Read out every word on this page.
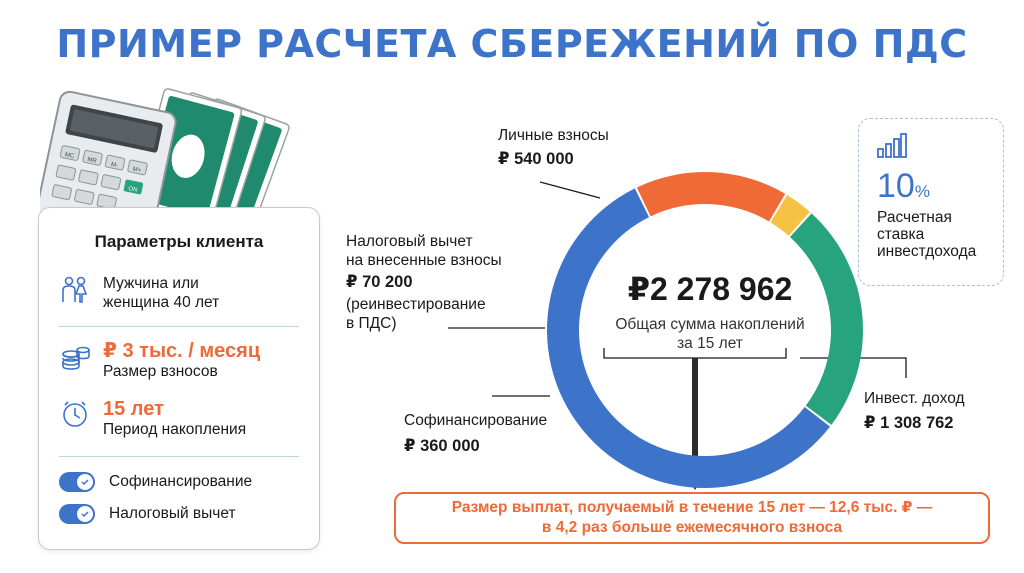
ПРИМЕР РАСЧЕТА СБЕРЕЖЕНИЙ ПО ПДС
MC
MR
M-
M+
ON
Параметры клиента
Мужчина или
женщина 40 лет
₽ 3 тыс. / месяц
Размер взносов
15 лет
Период накопления
Софинансирование
Налоговый вычет
₽2 278 962
Общая сумма накоплений
за 15 лет
Личные взносы
₽ 540 000
Налоговый вычет
на внесенные взносы
₽ 70 200
(реинвестирование
в ПДС)
Софинансирование
₽ 360 000
Инвест. доход
₽ 1 308 762
10%
Расчетная
ставка
инвестдохода
Размер выплат, получаемый в течение 15 лет — 12,6 тыс. ₽ —
в 4,2 раз больше ежемесячного взноса
